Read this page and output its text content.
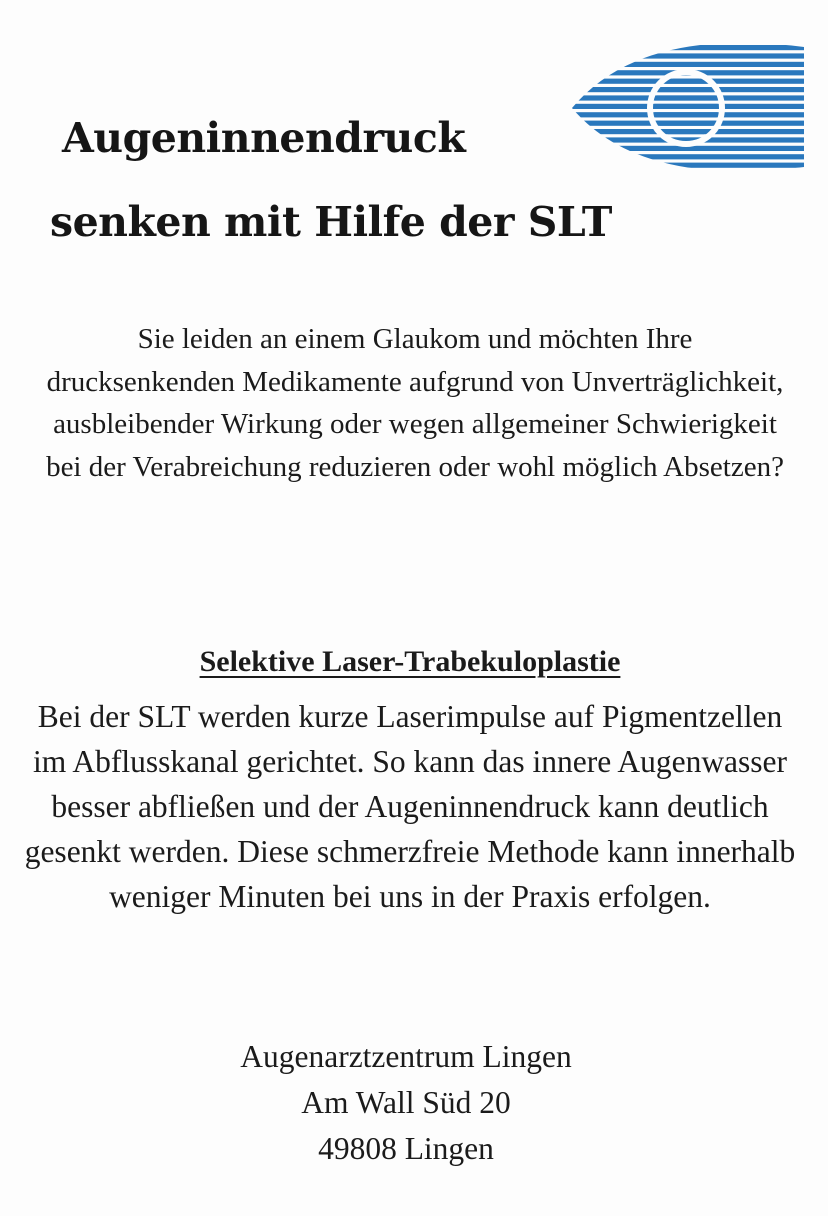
Augeninnendruck
senken mit Hilfe der SLT

Sie leiden an einem Glaukom und möchten Ihre drucksenkenden Medikamente aufgrund von Unverträglichkeit, ausbleibender Wirkung oder wegen allgemeiner Schwierigkeit bei der Verabreichung reduzieren oder wohl möglich Absetzen?

Selektive Laser-Trabekuloplastie

Bei der SLT werden kurze Laserimpulse auf Pigmentzellen im Abflusskanal gerichtet. So kann das innere Augenwasser besser abfließen und der Augeninnendruck kann deutlich gesenkt werden. Diese schmerzfreie Methode kann innerhalb weniger Minuten bei uns in der Praxis erfolgen.

Augenarztzentrum Lingen
Am Wall Süd 20
49808 Lingen
